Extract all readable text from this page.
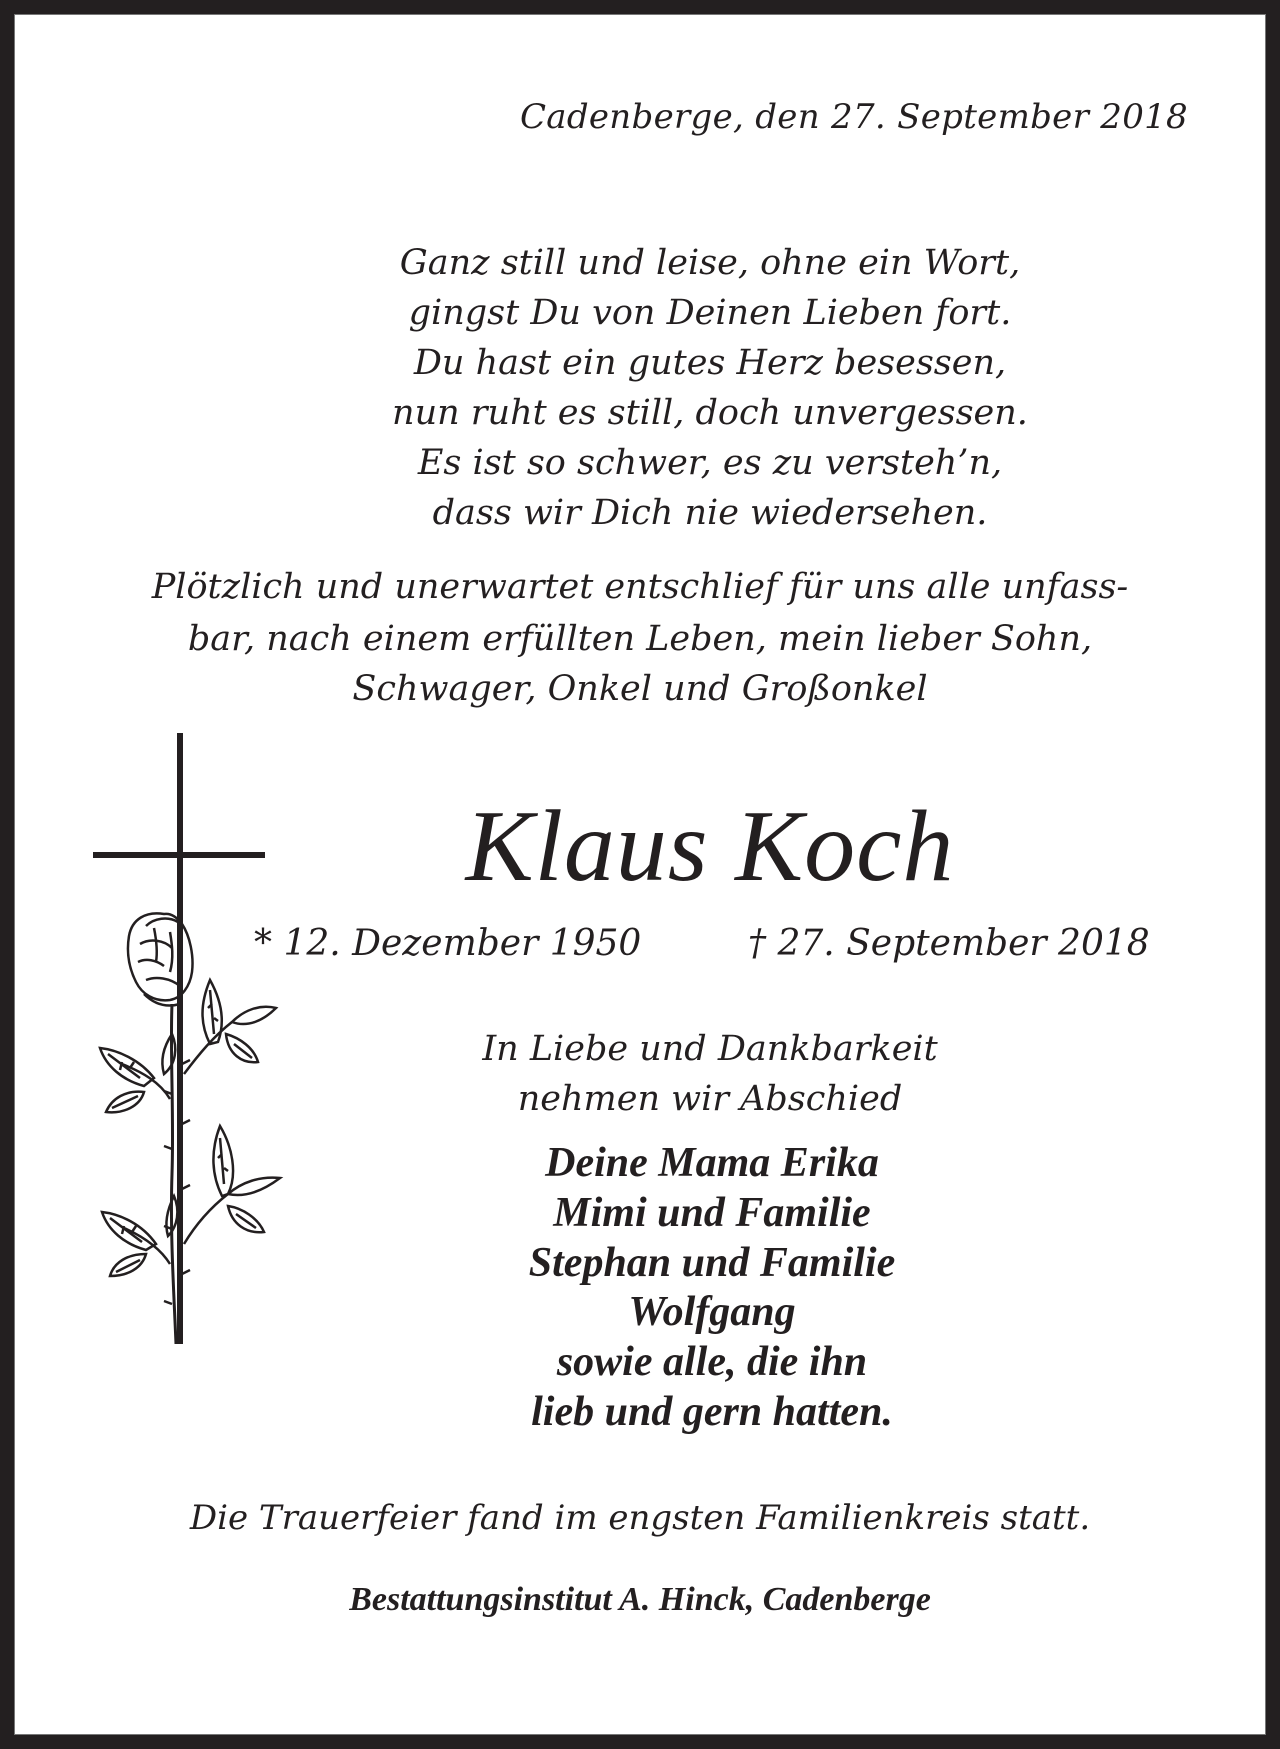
Cadenberge, den 27. September 2018
Ganz still und leise, ohne ein Wort,
gingst Du von Deinen Lieben fort.
Du hast ein gutes Herz besessen,
nun ruht es still, doch unvergessen.
Es ist so schwer, es zu versteh’n,
dass wir Dich nie wiedersehen.
Plötzlich und unerwartet entschlief für uns alle unfass-
bar, nach einem erfüllten Leben, mein lieber Sohn,
Schwager, Onkel und Großonkel
Klaus Koch
* 12. Dezember 1950	† 27. September 2018
In Liebe und Dankbarkeit
nehmen wir Abschied
Deine Mama Erika
Mimi und Familie
Stephan und Familie
Wolfgang
sowie alle, die ihn
lieb und gern hatten.
Die Trauerfeier fand im engsten Familienkreis statt.
Bestattungsinstitut A. Hinck, Cadenberge
